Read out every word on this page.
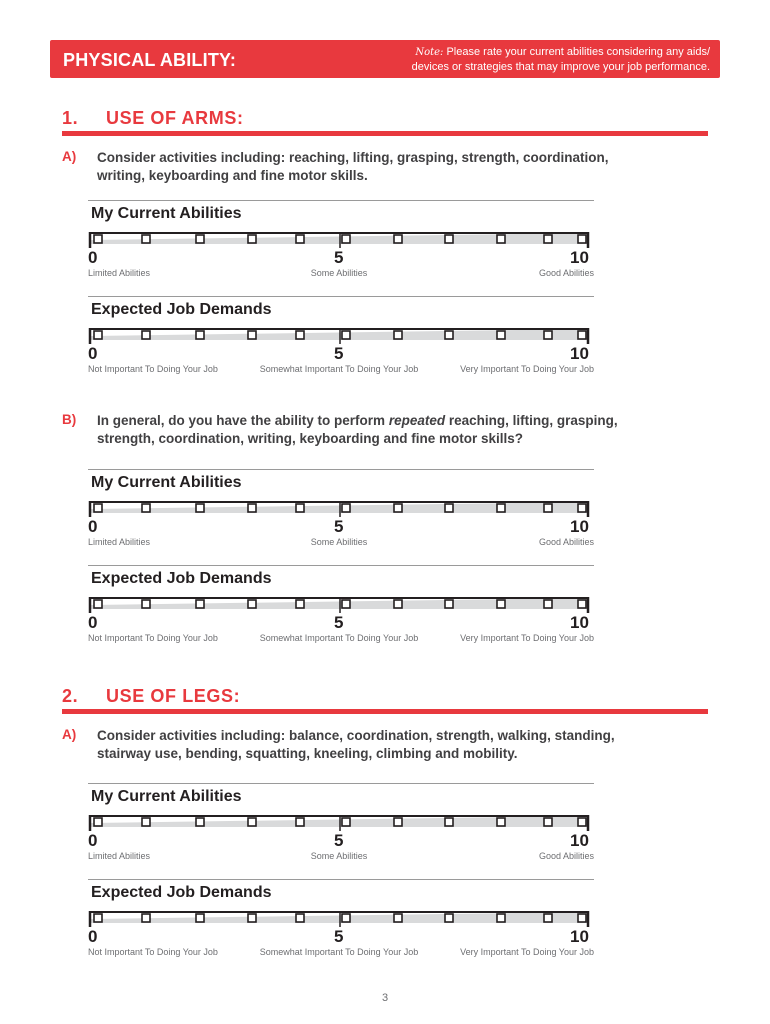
PHYSICAL ABILITY:	Note: Please rate your current abilities considering any aids/
devices or strategies that may improve your job performance.
1. USE OF ARMS:
A) Consider activities including: reaching, lifting, grasping, strength, coordination,
writing, keyboarding and fine motor skills.
My Current Abilities
0	5	10
Limited Abilities	Some Abilities	Good Abilities
Expected Job Demands
0	5	10
Not Important To Doing Your Job	Somewhat Important To Doing Your Job	Very Important To Doing Your Job
B) In general, do you have the ability to perform repeated reaching, lifting, grasping,
strength, coordination, writing, keyboarding and fine motor skills?
My Current Abilities
0	5	10
Limited Abilities	Some Abilities	Good Abilities
Expected Job Demands
0	5	10
Not Important To Doing Your Job	Somewhat Important To Doing Your Job	Very Important To Doing Your Job
2. USE OF LEGS:
A) Consider activities including: balance, coordination, strength, walking, standing,
stairway use, bending, squatting, kneeling, climbing and mobility.
My Current Abilities
0	5	10
Limited Abilities	Some Abilities	Good Abilities
Expected Job Demands
0	5	10
Not Important To Doing Your Job	Somewhat Important To Doing Your Job	Very Important To Doing Your Job
3
